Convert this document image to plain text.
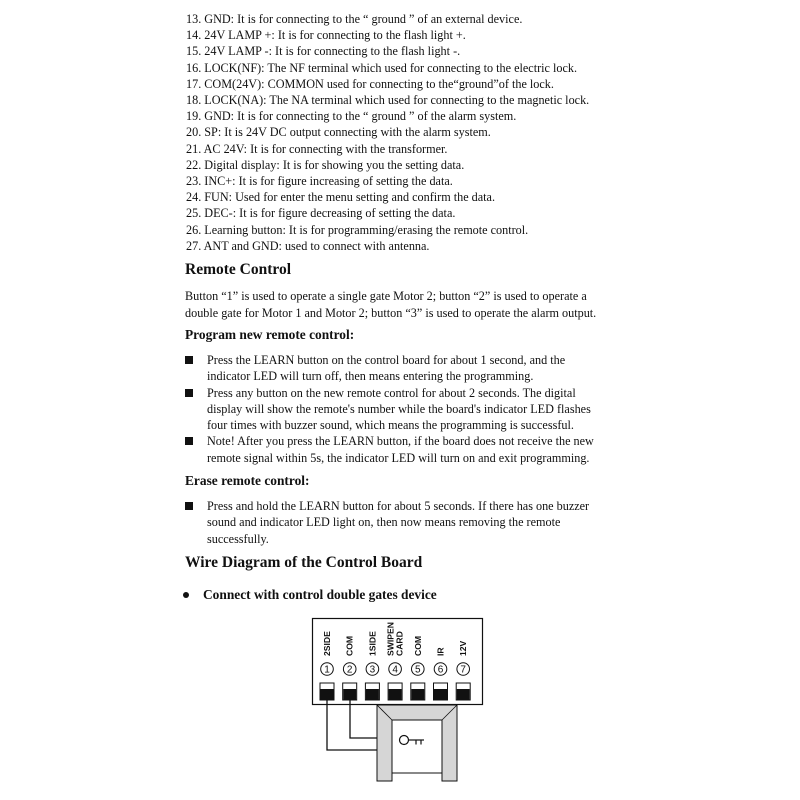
13. GND: It is for connecting to the “ ground ” of an external device.
14. 24V LAMP +: It is for connecting to the flash light +.
15. 24V LAMP -: It is for connecting to the flash light -.
16. LOCK(NF): The NF terminal which used for connecting to the electric lock.
17. COM(24V): COMMON used for connecting to the“ground”of the lock.
18. LOCK(NA): The NA terminal which used for connecting to the magnetic lock.
19. GND: It is for connecting to the “ ground ” of the alarm system.
20. SP: It is 24V DC output connecting with the alarm system.
21. AC 24V: It is for connecting with the transformer.
22. Digital display: It is for showing you the setting data.
23. INC+: It is for figure increasing of setting the data.
24. FUN: Used for enter the menu setting and confirm the data.
25. DEC-: It is for figure decreasing of setting the data.
26. Learning button: It is for programming/erasing the remote control.
27. ANT and GND: used to connect with antenna.
Remote Control

Button “1” is used to operate a single gate Motor 2; button “2” is used to operate a
double gate for Motor 1 and Motor 2; button “3” is used to operate the alarm output.

Program new remote control:
Press the LEARN button on the control board for about 1 second, and the
indicator LED will turn off, then means entering the programming.
Press any button on the new remote control for about 2 seconds. The digital
display will show the remote's number while the board's indicator LED flashes
four times with buzzer sound, which means the programming is successful.
Note! After you press the LEARN button, if the board does not receive the new
remote signal within 5s, the indicator LED will turn on and exit programming.
Erase remote control:
Press and hold the LEARN button for about 5 seconds. If there has one buzzer
sound and indicator LED light on, then now means removing the remote
successfully.
Wire Diagram of the Control Board
Connect with control double gates device
2SIDE
1
COM
2
1SIDE
3
SWIPEN CARD
4
COM
5
IR
6
12V
7
